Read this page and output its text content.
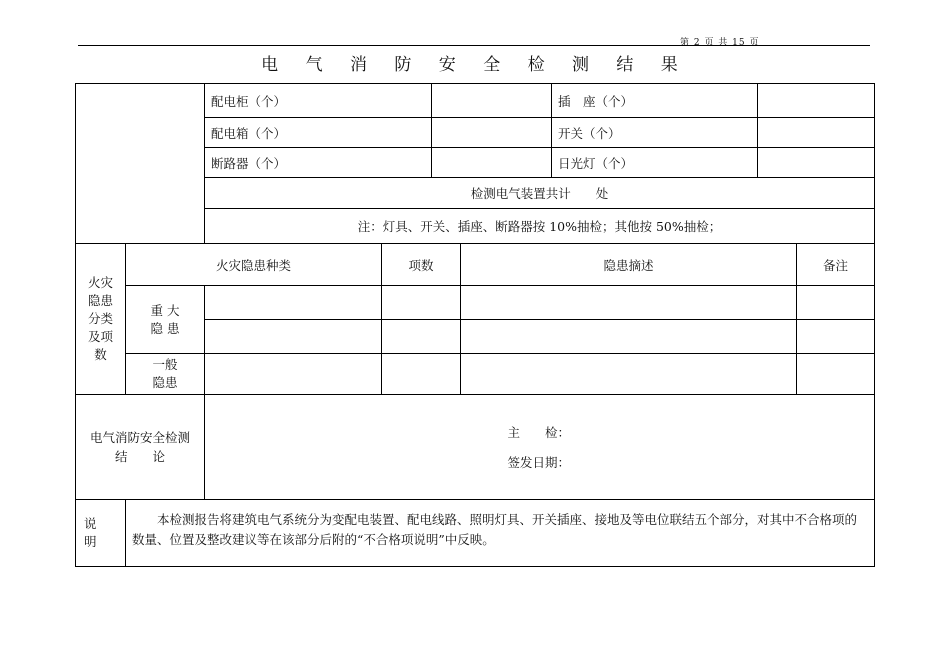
第 2 页 共 15 页
电 气 消 防 安 全 检 测 结 果
配电柜（个）	插　座（个）
配电箱（个）	开关（个）
断路器（个）	日光灯（个）
检测电气装置共计　　处
注：灯具、开关、插座、断路器按 10%抽检；其他按 50%抽检；
火灾
隐患
分类
及项
数
火灾隐患种类	项数	隐患摘述	备注
重 大
隐 患
一般
隐患
电气消防安全检测
结　　论
主　　检：
签发日期：
说
明
本检测报告将建筑电气系统分为变配电装置、配电线路、照明灯具、开关插座、接地及等电位联结五个部分，对其中不合格项的数量、位置及整改建议等在该部分后附的“不合格项说明”中反映。
